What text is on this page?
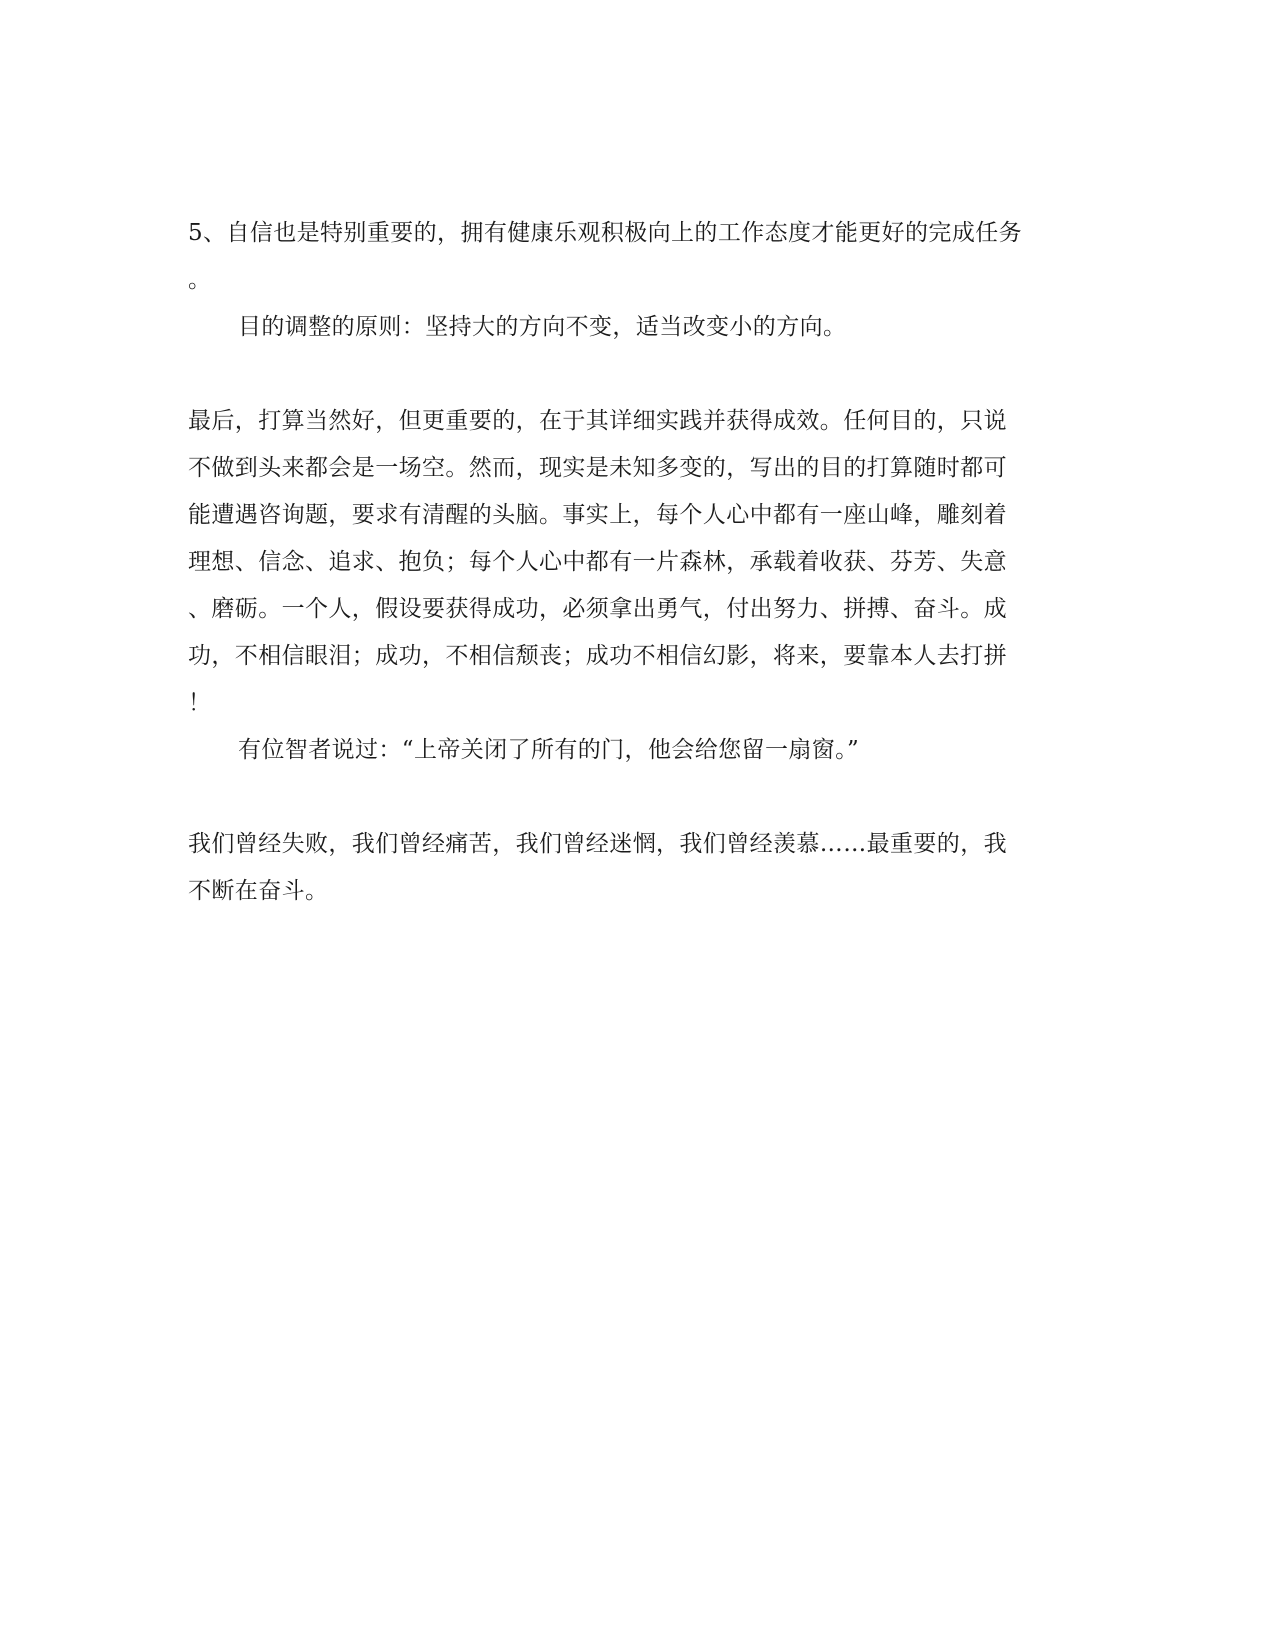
5、自信也是特别重要的，拥有健康乐观积极向上的工作态度才能更好的完成任务
。
目的调整的原则：坚持大的方向不变，适当改变小的方向。
最后，打算当然好，但更重要的，在于其详细实践并获得成效。任何目的，只说
不做到头来都会是一场空。然而，现实是未知多变的，写出的目的打算随时都可
能遭遇咨询题，要求有清醒的头脑。事实上，每个人心中都有一座山峰，雕刻着
理想、信念、追求、抱负；每个人心中都有一片森林，承载着收获、芬芳、失意
、磨砺。一个人，假设要获得成功，必须拿出勇气，付出努力、拼搏、奋斗。成
功，不相信眼泪；成功，不相信颓丧；成功不相信幻影，将来，要靠本人去打拼
！
有位智者说过：“上帝关闭了所有的门，他会给您留一扇窗。”
我们曾经失败，我们曾经痛苦，我们曾经迷惘，我们曾经羡慕……最重要的，我
不断在奋斗。
